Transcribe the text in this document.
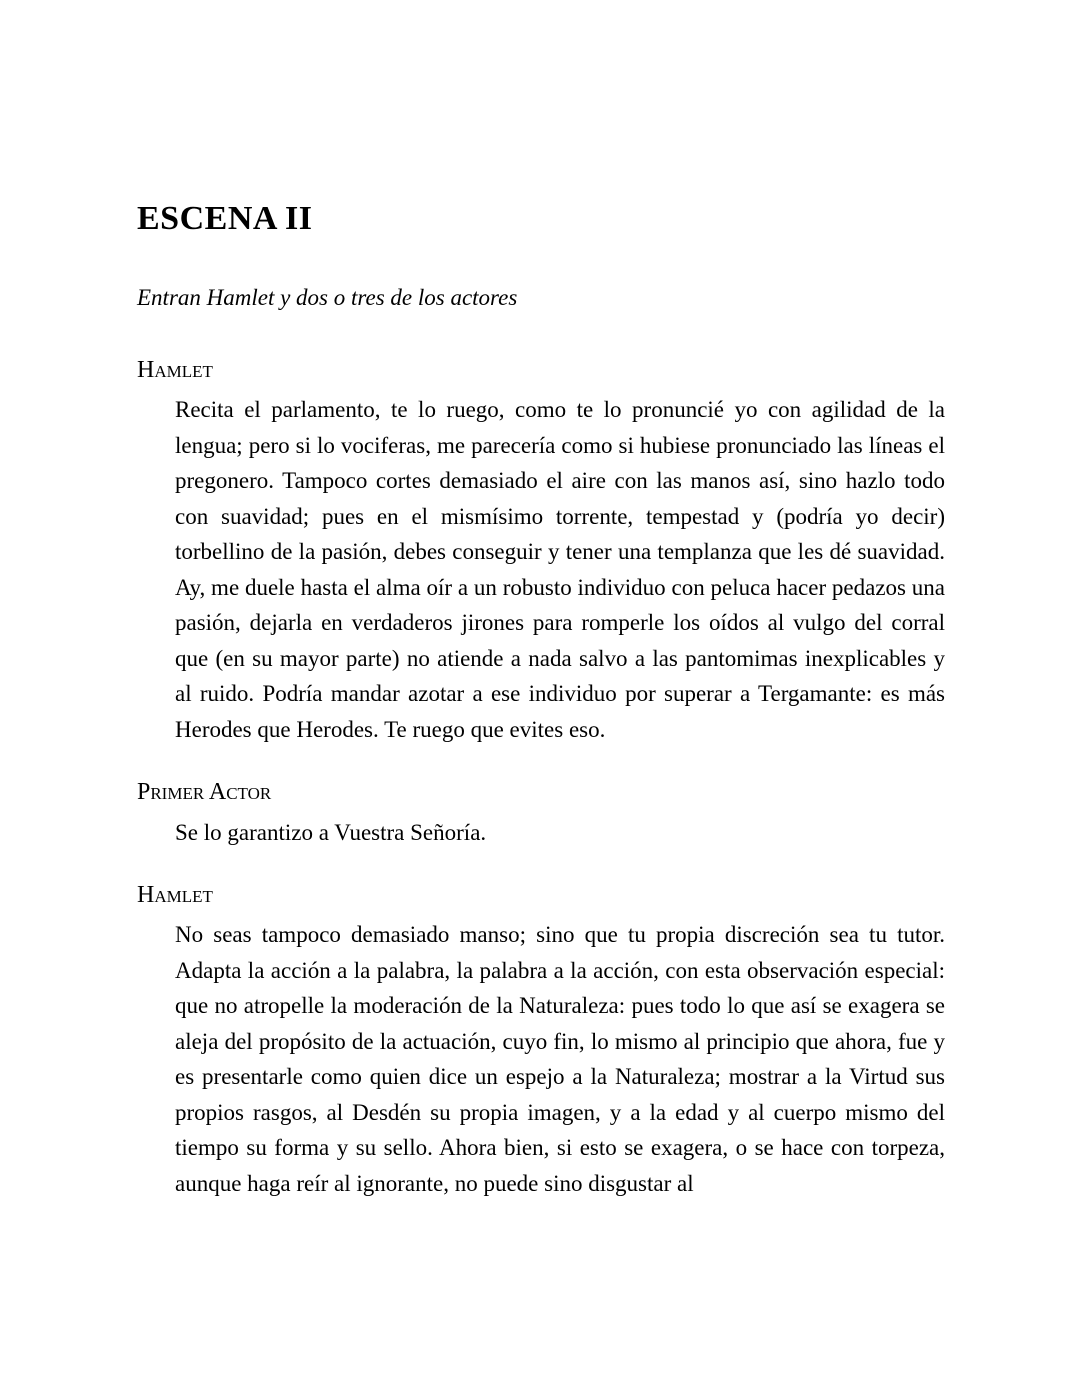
ESCENA II

Entran Hamlet y dos o tres de los actores

Hamlet

Recita el parlamento, te lo ruego, como te lo pronuncié yo con agilidad de la lengua; pero si lo vociferas, me parecería como si hubiese pronunciado las líneas el pregonero. Tampoco cortes demasiado el aire con las manos así, sino hazlo todo con suavidad; pues en el mismísimo torrente, tempestad y (podría yo decir) torbellino de la pasión, debes conseguir y tener una templanza que les dé suavidad. Ay, me duele hasta el alma oír a un robusto individuo con peluca hacer pedazos una pasión, dejarla en verdaderos jirones para romperle los oídos al vulgo del corral que (en su mayor parte) no atiende a nada salvo a las pantomimas inexplicables y al ruido. Podría mandar azotar a ese individuo por superar a Tergamante: es más Herodes que Herodes. Te ruego que evites eso.

Primer Actor

Se lo garantizo a Vuestra Señoría.

Hamlet

No seas tampoco demasiado manso; sino que tu propia discreción sea tu tutor. Adapta la acción a la palabra, la palabra a la acción, con esta observación especial: que no atropelle la moderación de la Naturaleza: pues todo lo que así se exagera se aleja del propósito de la actuación, cuyo fin, lo mismo al principio que ahora, fue y es presentarle como quien dice un espejo a la Naturaleza; mostrar a la Virtud sus propios rasgos, al Desdén su propia imagen, y a la edad y al cuerpo mismo del tiempo su forma y su sello. Ahora bien, si esto se exagera, o se hace con torpeza, aunque haga reír al ignorante, no puede sino disgustar al
